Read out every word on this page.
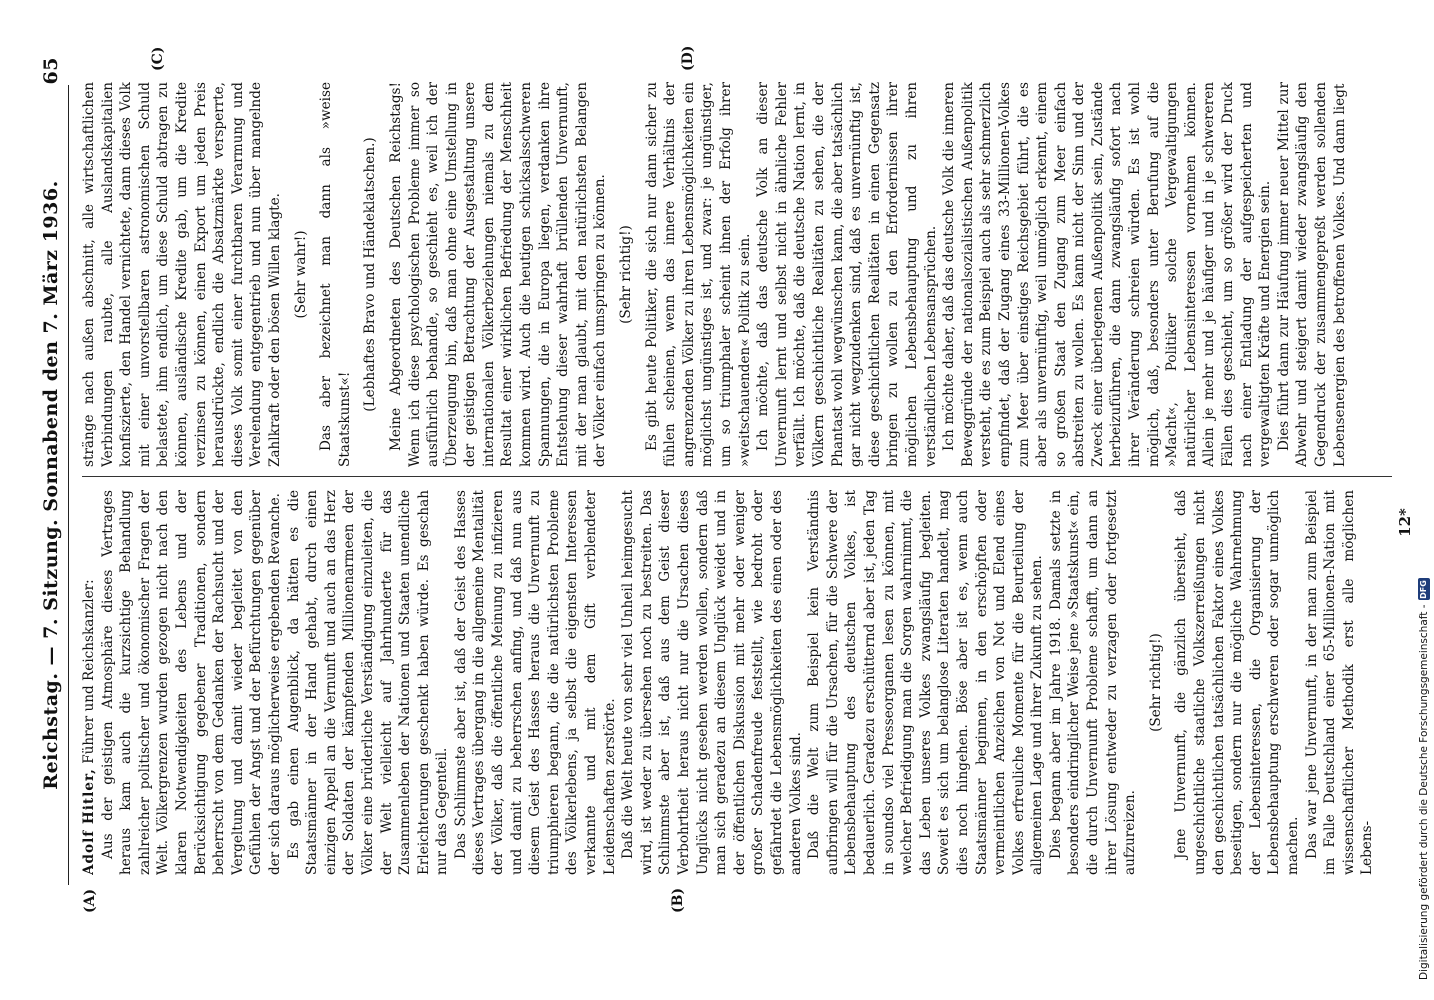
Reichstag. — 7. Sitzung. Sonnabend den 7. März 1936.
65
(A)	(B)
(C)	(D)

Adolf Hitler, Führer und Reichskanzler: Aus der geistigen Atmosphäre dieses Vertrages heraus kam auch die kurzsichtige Behandlung zahlreicher politischer und ökonomischer Fragen der Welt. Völkergrenzen wurden gezogen nicht nach den klaren Notwendigkeiten des Lebens und der Berücksichtigung gegebener Traditionen, sondern beherrscht von dem Gedanken der Rachsucht und der Vergeltung und damit wieder begleitet von den Gefühlen der Angst und der Befürchtungen gegenüber der sich daraus möglicherweise ergebenden Revanche. Es gab einen Augenblick, da hätten es die Staatsmänner in der Hand gehabt, durch einen einzigen Appell an die Vernunft und auch an das Herz der Soldaten der kämpfenden Millionenarmeen der Völker eine brüderliche Verständigung einzuleiten, die der Welt vielleicht auf Jahrhunderte für das Zusammenleben der Nationen und Staaten unendliche Erleichterungen geschenkt haben würde. Es geschah nur das Gegenteil. Das Schlimmste aber ist, daß der Geist des Hasses dieses Vertrages übergang in die allgemeine Mentalität der Völker, daß die öffentliche Meinung zu infizieren und damit zu beherrschen anfing, und daß nun aus diesem Geist des Hasses heraus die Unvernunft zu triumphieren begann, die die natürlichsten Probleme des Völkerlebens, ja selbst die eigensten Interessen verkannte und mit dem Gift verblendeter Leidenschaften zerstörte. Daß die Welt heute von sehr viel Unheil heimgesucht wird, ist weder zu übersehen noch zu bestreiten. Das Schlimmste aber ist, daß aus dem Geist dieser Verbohrtheit heraus nicht nur die Ursachen dieses Unglücks nicht gesehen werden wollen, sondern daß man sich geradezu an diesem Unglück weidet und in der öffentlichen Diskussion mit mehr oder weniger großer Schadenfreude feststellt, wie bedroht oder gefährdet die Lebensmöglichkeiten des einen oder des anderen Volkes sind. Daß die Welt zum Beispiel kein Verständnis aufbringen will für die Ursachen, für die Schwere der Lebensbehauptung des deutschen Volkes, ist bedauerlich. Geradezu erschütternd aber ist, jeden Tag in soundso viel Presseorganen lesen zu können, mit welcher Befriedigung man die Sorgen wahrnimmt, die das Leben unseres Volkes zwangsläufig begleiten. Soweit es sich um belanglose Literaten handelt, mag dies noch hingehen. Böse aber ist es, wenn auch Staatsmänner beginnen, in den erschöpften oder vermeintlichen Anzeichen von Not und Elend eines Volkes erfreuliche Momente für die Beurteilung der allgemeinen Lage und ihrer Zukunft zu sehen. Dies begann aber im Jahre 1918. Damals setzte in besonders eindringlicher Weise jene »Staatskunst« ein, die durch Unvernunft Probleme schafft, um dann an ihrer Lösung entweder zu verzagen oder fortgesetzt aufzureizen.

(Sehr richtig!) Jene Unvernunft, die gänzlich übersieht, daß ungeschichtliche staatliche Volkszerreißungen nicht den geschichtlichen tatsächlichen Faktor eines Volkes beseitigen, sondern nur die mögliche Wahrnehmung der Lebensinteressen, die Organisierung der Lebensbehauptung erschweren oder sogar unmöglich machen. Das war jene Unvernunft, in der man zum Beispiel im Falle Deutschland einer 65-Millionen-Nation mit wissenschaftlicher Methodik erst alle möglichen Lebens-

stränge nach außen abschnitt, alle wirtschaftlichen Verbindungen raubte, alle Auslandskapitalien konfiszierte, den Handel vernichtete, dann dieses Volk mit einer unvorstellbaren astronomischen Schuld belastete, ihm endlich, um diese Schuld abtragen zu können, ausländische Kredite gab, um die Kredite verzinsen zu können, einen Export um jeden Preis herausdrückte, endlich die Absatzmärkte versperrte, dieses Volk somit einer furchtbaren Verarmung und Verelendung entgegentrieb und nun über mangelnde Zahlkraft oder den bösen Willen klagte. (Sehr wahr!) Das aber bezeichnet man dann als »weise Staatskunst«!

(Lebhaftes Bravo und Händeklatschen.) Meine Abgeordneten des Deutschen Reichstags! Wenn ich diese psychologischen Probleme immer so ausführlich behandle, so geschieht es, weil ich der Überzeugung bin, daß man ohne eine Umstellung in der geistigen Betrachtung der Ausgestaltung unsere internationalen Völkerbeziehungen niemals zu dem Resultat einer wirklichen Befriedung der Menschheit kommen wird. Auch die heutigen schicksalsschweren Spannungen, die in Europa liegen, verdanken ihre Entstehung dieser wahrhaft brüllenden Unvernunft, mit der man glaubt, mit den natürlichsten Belangen der Völker einfach umspringen zu können. (Sehr richtig!) Es gibt heute Politiker, die sich nur dann sicher zu fühlen scheinen, wenn das innere Verhältnis der angrenzenden Völker zu ihren Lebensmöglichkeiten ein möglichst ungünstiges ist, und zwar: je ungünstiger, um so triumphaler scheint ihnen der Erfolg ihrer »weitschauenden« Politik zu sein. Ich möchte, daß das deutsche Volk an dieser Unvernunft lernt und selbst nicht in ähnliche Fehler verfällt. Ich möchte, daß die deutsche Nation lernt, in Völkern geschichtliche Realitäten zu sehen, die der Phantast wohl wegwünschen kann, die aber tatsächlich gar nicht wegzudenken sind, daß es unvernünftig ist, diese geschichtlichen Realitäten in einen Gegensatz bringen zu wollen zu den Erfordernissen ihrer möglichen Lebensbehauptung und zu ihren verständlichen Lebensansprüchen. Ich möchte daher, daß das deutsche Volk die inneren Beweggründe der nationalsozialistischen Außenpolitik versteht, die es zum Beispiel auch als sehr schmerzlich empfindet, daß der Zugang eines 33-Millionen-Volkes zum Meer über einstiges Reichsgebiet führt, die es aber als unvernünftig, weil unmöglich erkennt, einem so großen Staat den Zugang zum Meer einfach abstreiten zu wollen. Es kann nicht der Sinn und der Zweck einer überlegenen Außenpolitik sein, Zustände herbeizuführen, die dann zwangsläufig sofort nach ihrer Veränderung schreien würden. Es ist wohl möglich, daß, besonders unter Berufung auf die »Macht«, Politiker solche Vergewaltigungen natürlicher Lebensinteressen vornehmen können. Allein je mehr und je häufiger und in je schwereren Fällen dies geschieht, um so größer wird der Druck nach einer Entladung der aufgespeicherten und vergewaltigten Kräfte und Energien sein. Dies führt dann zur Häufung immer neuer Mittel zur Abwehr und steigert damit wieder zwangsläufig den Gegendruck der zusammengepreßt werden sollenden Lebensenergien des betroffenen Volkes. Und dann liegt

12*
Digitalisierung gefördert durch die Deutsche Forschungsgemeinschaft -
DFG
